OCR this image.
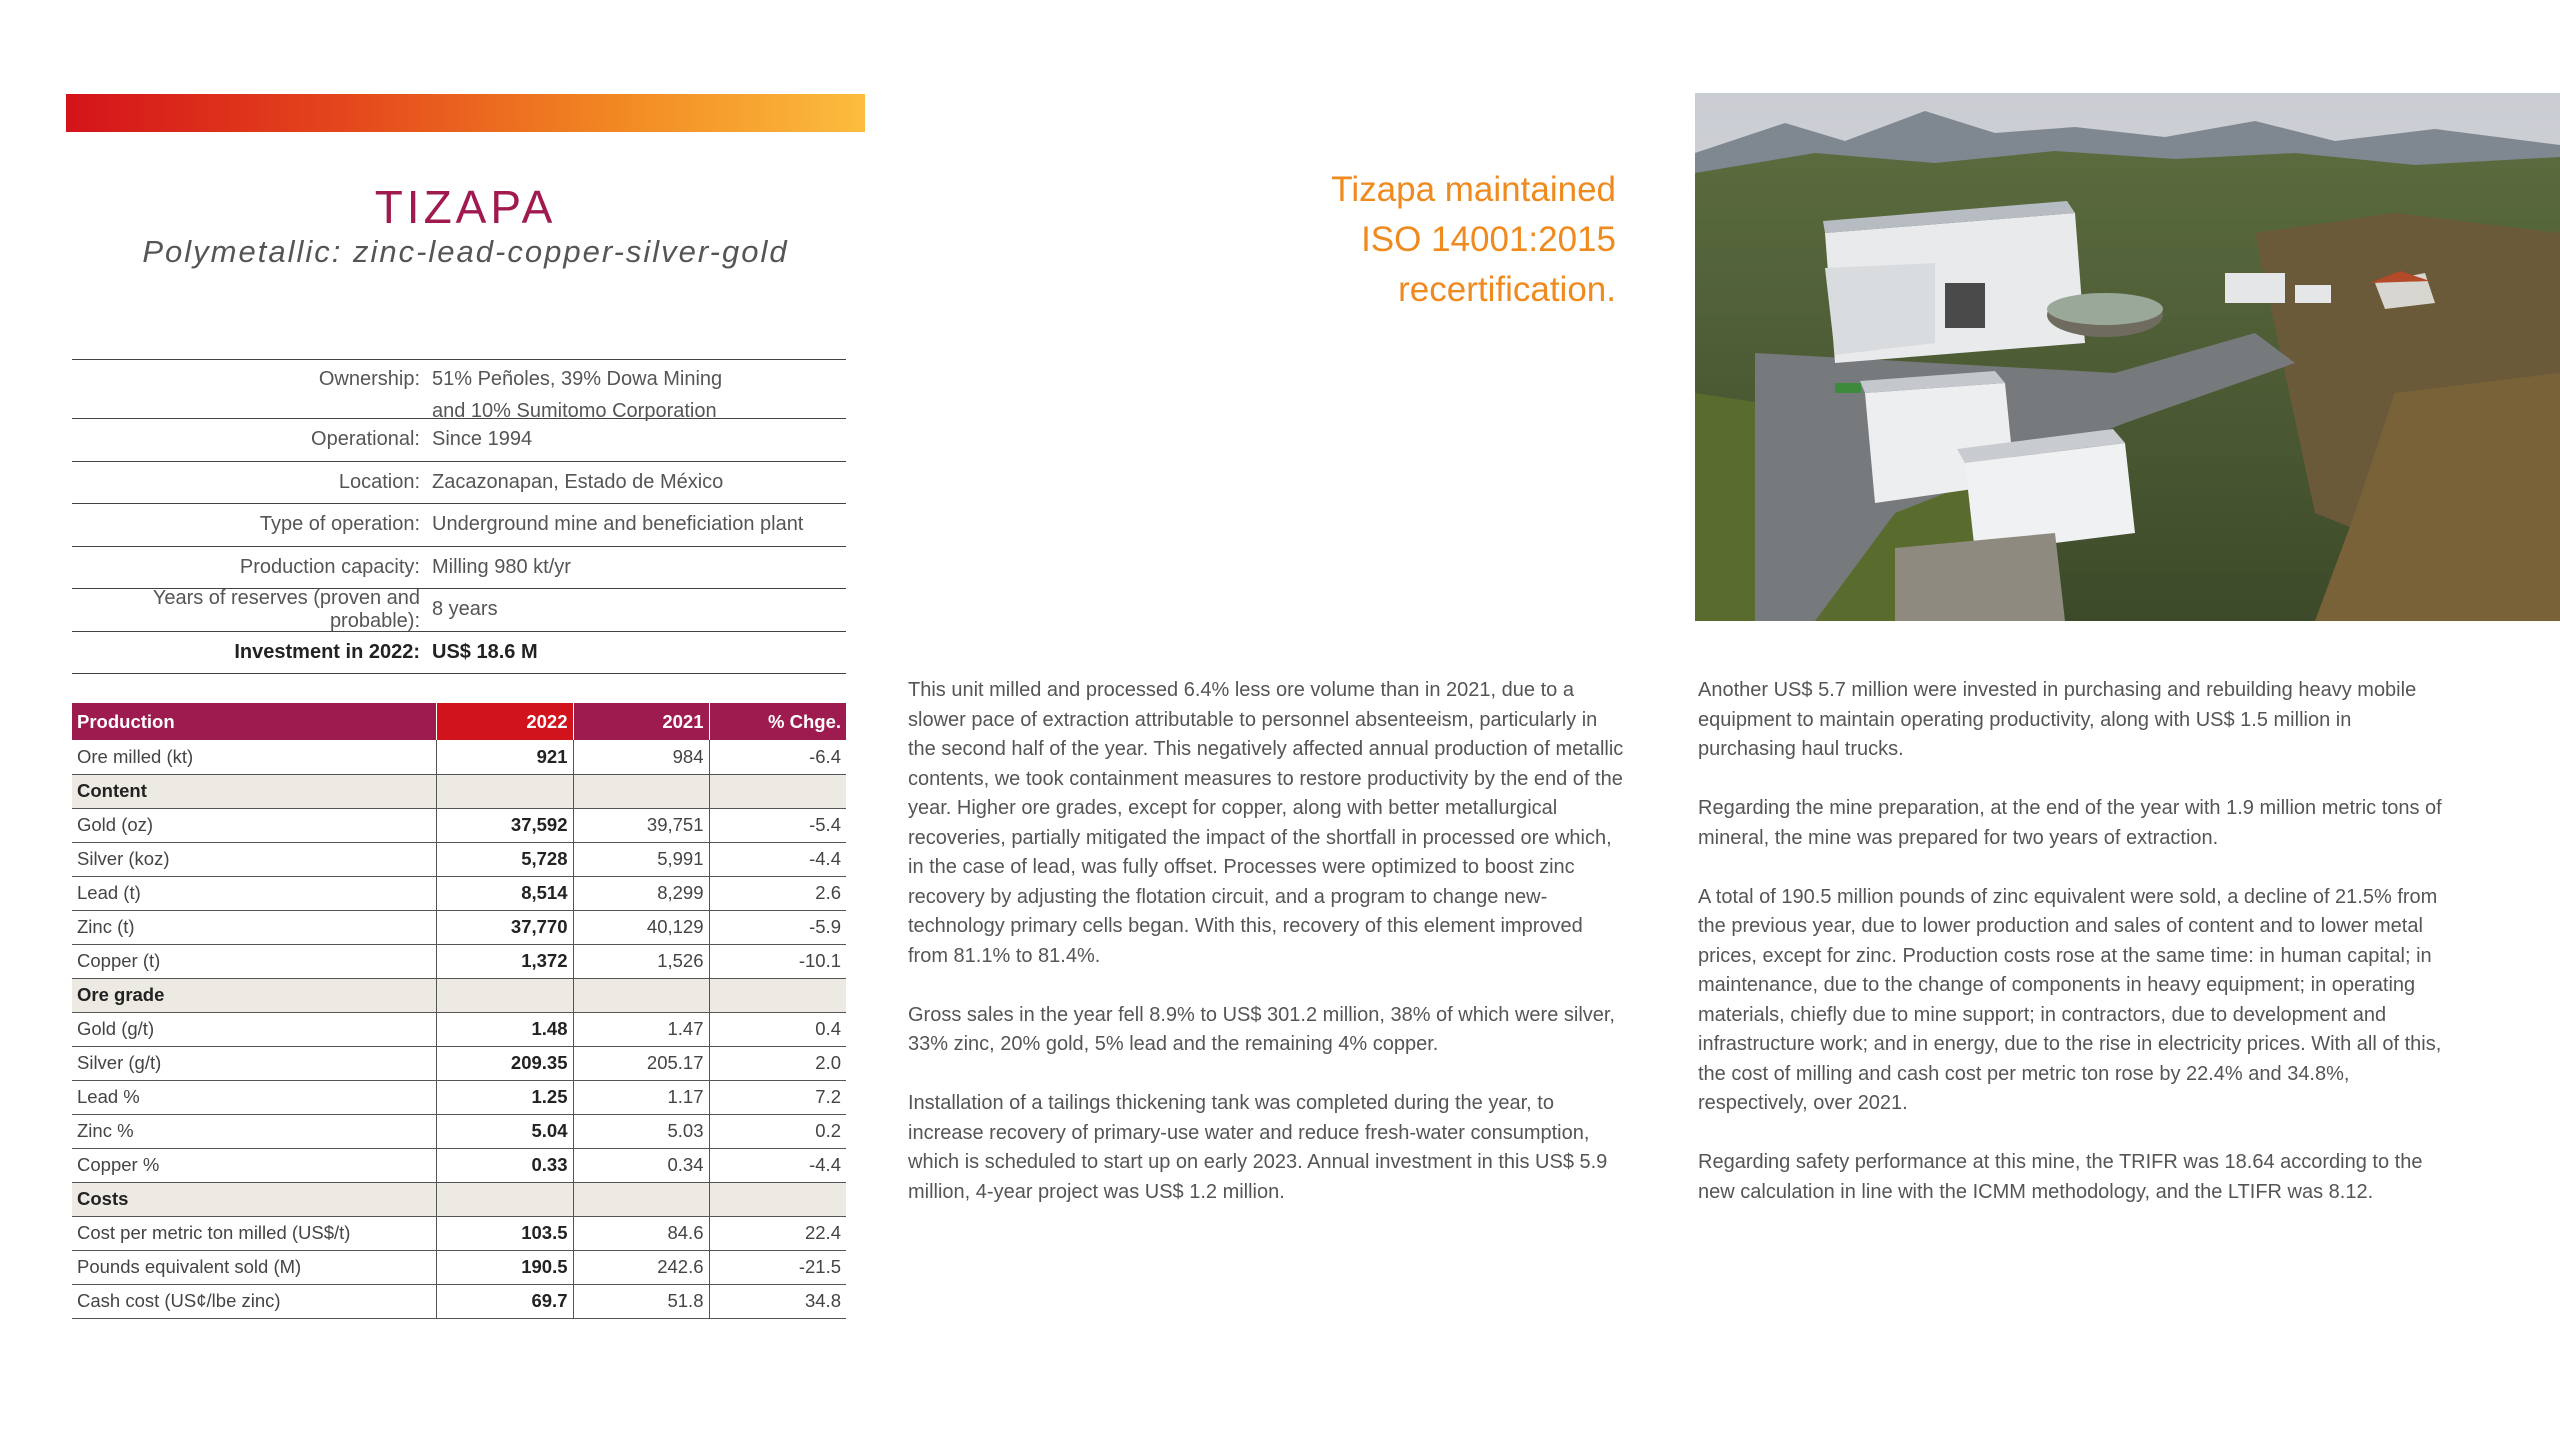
TIZAPA
Polymetallic: zinc-lead-copper-silver-gold
Ownership: 51% Peñoles, 39% Dowa Mining
and 10% Sumitomo Corporation
Operational: Since 1994
Location: Zacazonapan, Estado de México
Type of operation: Underground mine and beneficiation plant
Production capacity: Milling 980 kt/yr
Years of reserves (proven and probable):
8 years
Investment in 2022: US$ 18.6 M
Production	2022	2021	% Chge.
Ore milled (kt)	921	984	-6.4
Content			
Gold (oz)	37,592	39,751	-5.4
Silver (koz)	5,728	5,991	-4.4
Lead (t)	8,514	8,299	2.6
Zinc (t)	37,770	40,129	-5.9
Copper (t)	1,372	1,526	-10.1
Ore grade			
Gold (g/t)	1.48	1.47	0.4
Silver (g/t)	209.35	205.17	2.0
Lead %	1.25	1.17	7.2
Zinc %	5.04	5.03	0.2
Copper %	0.33	0.34	-4.4
Costs			
Cost per metric ton milled (US$/t)	103.5	84.6	22.4
Pounds equivalent sold (M)	190.5	242.6	-21.5
Cash cost (US¢/lbe zinc)	69.7	51.8	34.8
Tizapa maintained
ISO 14001:2015
recertification.

This unit milled and processed 6.4% less ore volume than in 2021, due to a slower pace of extraction attributable to personnel absenteeism, particularly in the second half of the year. This negatively affected annual production of metallic contents, we took containment measures to restore productivity by the end of the year. Higher ore grades, except for copper, along with better metallurgical recoveries, partially mitigated the impact of the shortfall in processed ore which, in the case of lead, was fully offset. Processes were optimized to boost zinc recovery by adjusting the flotation circuit, and a program to change new-technology primary cells began. With this, recovery of this element improved from 81.1% to 81.4%.

Gross sales in the year fell 8.9% to US$ 301.2 million, 38% of which were silver, 33% zinc, 20% gold, 5% lead and the remaining 4% copper.

Installation of a tailings thickening tank was completed during the year, to increase recovery of primary-use water and reduce fresh-water consumption, which is scheduled to start up on early 2023. Annual investment in this US$ 5.9 million, 4-year project was US$ 1.2 million.

Another US$ 5.7 million were invested in purchasing and rebuilding heavy mobile equipment to maintain operating productivity, along with US$ 1.5 million in purchasing haul trucks.

Regarding the mine preparation, at the end of the year with 1.9 million metric tons of mineral, the mine was prepared for two years of extraction.

A total of 190.5 million pounds of zinc equivalent were sold, a decline of 21.5% from the previous year, due to lower production and sales of content and to lower metal prices, except for zinc. Production costs rose at the same time: in human capital; in maintenance, due to the change of components in heavy equipment; in operating materials, chiefly due to mine support; in contractors, due to development and infrastructure work; and in energy, due to the rise in electricity prices. With all of this, the cost of milling and cash cost per metric ton rose by 22.4% and 34.8%, respectively, over 2021.

Regarding safety performance at this mine, the TRIFR was 18.64 according to the new calculation in line with the ICMM methodology, and the LTIFR was 8.12.
